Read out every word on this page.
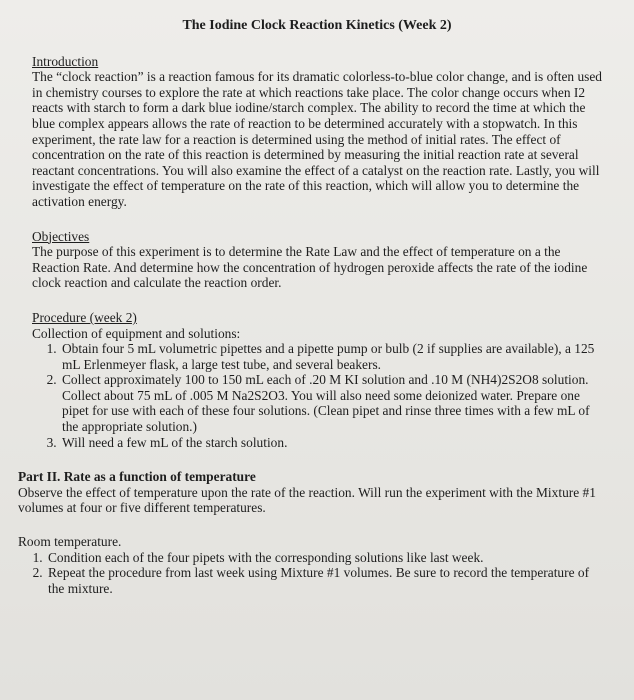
The Iodine Clock Reaction Kinetics (Week 2)

Introduction

The “clock reaction” is a reaction famous for its dramatic colorless-to-blue color change, and is often used in chemistry courses to explore the rate at which reactions take place. The color change occurs when I2 reacts with starch to form a dark blue iodine/starch complex. The ability to record the time at which the blue complex appears allows the rate of reaction to be determined accurately with a stopwatch. In this experiment, the rate law for a reaction is determined using the method of initial rates. The effect of concentration on the rate of this reaction is determined by measuring the initial reaction rate at several reactant concentrations. You will also examine the effect of a catalyst on the reaction rate. Lastly, you will investigate the effect of temperature on the rate of this reaction, which will allow you to determine the activation energy.

Objectives

The purpose of this experiment is to determine the Rate Law and the effect of temperature on a the Reaction Rate. And determine how the concentration of hydrogen peroxide affects the rate of the iodine clock reaction and calculate the reaction order.

Procedure (week 2)

Collection of equipment and solutions:

1. Obtain four 5 mL volumetric pipettes and a pipette pump or bulb (2 if supplies are available), a 125 mL Erlenmeyer flask, a large test tube, and several beakers.
2. Collect approximately 100 to 150 mL each of .20 M KI solution and .10 M (NH4)2S2O8 solution. Collect about 75 mL of .005 M Na2S2O3. You will also need some deionized water. Prepare one pipet for use with each of these four solutions. (Clean pipet and rinse three times with a few mL of the appropriate solution.)
3. Will need a few mL of the starch solution.

Part II. Rate as a function of temperature

Observe the effect of temperature upon the rate of the reaction. Will run the experiment with the Mixture #1 volumes at four or five different temperatures.

Room temperature.

1. Condition each of the four pipets with the corresponding solutions like last week.
2. Repeat the procedure from last week using Mixture #1 volumes. Be sure to record the temperature of the mixture.
